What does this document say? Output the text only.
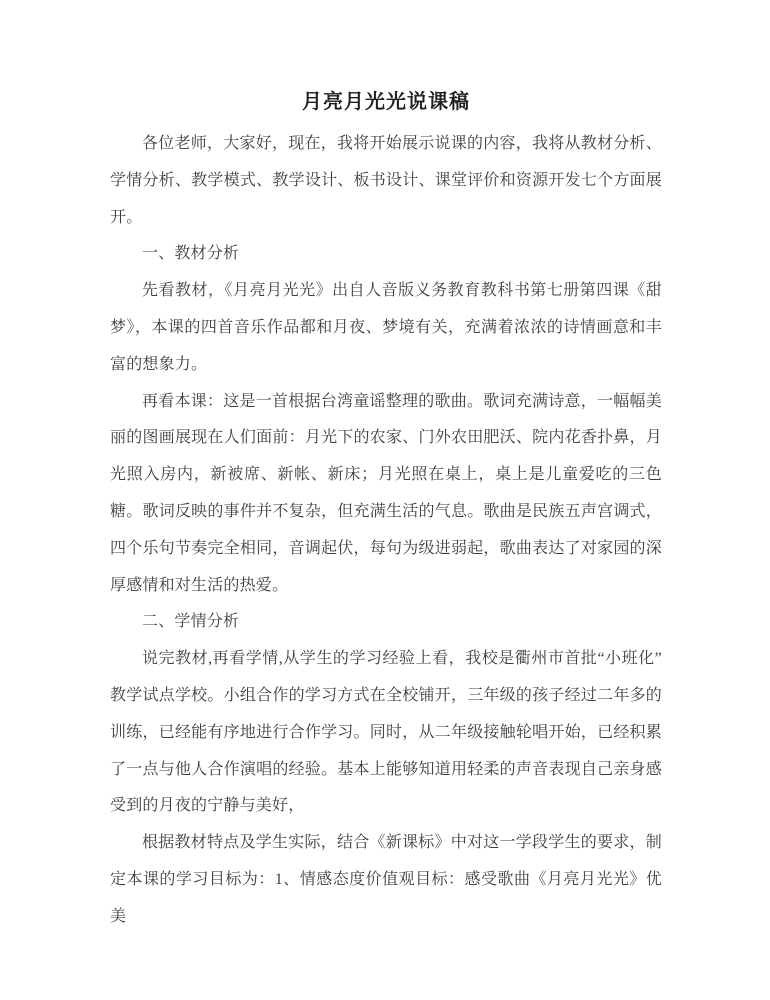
月亮月光光说课稿

各位老师，大家好，现在，我将开始展示说课的内容，我将从教材分析、学情分析、教学模式、教学设计、板书设计、课堂评价和资源开发七个方面展开。

一、教材分析

先看教材，《月亮月光光》出自人音版义务教育教科书第七册第四课《甜梦》，本课的四首音乐作品都和月夜、梦境有关，充满着浓浓的诗情画意和丰富的想象力。

再看本课：这是一首根据台湾童谣整理的歌曲。歌词充满诗意，一幅幅美丽的图画展现在人们面前：月光下的农家、门外农田肥沃、院内花香扑鼻，月光照入房内，新被席、新帐、新床；月光照在桌上，桌上是儿童爱吃的三色糖。歌词反映的事件并不复杂，但充满生活的气息。歌曲是民族五声宫调式，四个乐句节奏完全相同，音调起伏，每句为级进弱起，歌曲表达了对家园的深厚感情和对生活的热爱。

二、学情分析

说完教材,再看学情,从学生的学习经验上看，我校是衢州市首批“小班化”教学试点学校。小组合作的学习方式在全校铺开，三年级的孩子经过二年多的训练，已经能有序地进行合作学习。同时，从二年级接触轮唱开始，已经积累了一点与他人合作演唱的经验。基本上能够知道用轻柔的声音表现自己亲身感受到的月夜的宁静与美好，

根据教材特点及学生实际，结合《新课标》中对这一学段学生的要求，制定本课的学习目标为：1、情感态度价值观目标：感受歌曲《月亮月光光》优美
